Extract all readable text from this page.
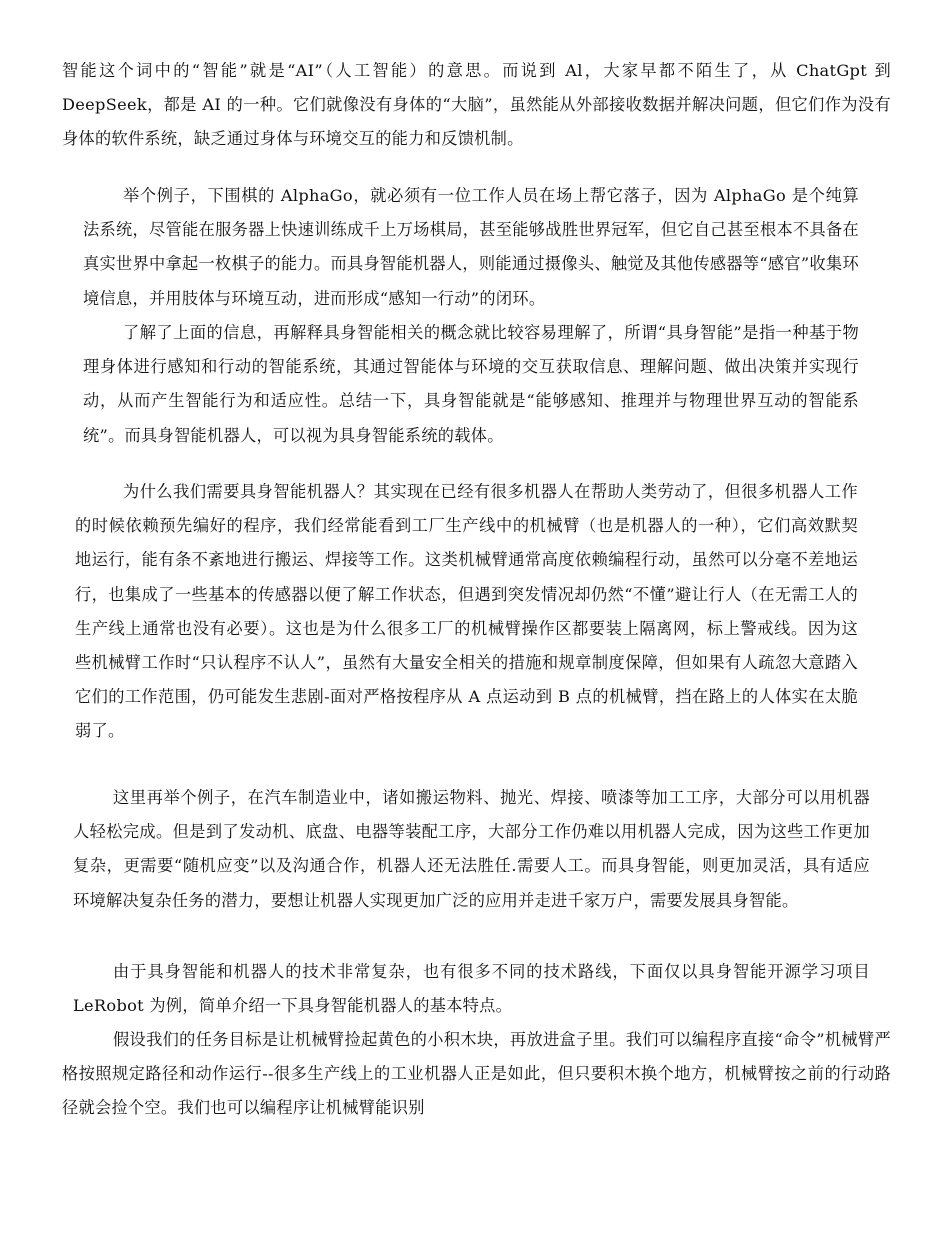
智能这个词中的“智能”就是“AI”（人工智能）的意思。而说到 Al，大家早都不陌生了，从 ChatGpt 到 DeepSeek，都是 AI 的一种。它们就像没有身体的“大脑”，虽然能从外部接收数据并解决问题，但它们作为没有身体的软件系统，缺乏通过身体与环境交互的能力和反馈机制。

举个例子，下围棋的 AlphaGo，就必须有一位工作人员在场上帮它落子，因为 AlphaGo 是个纯算法系统，尽管能在服务器上快速训练成千上万场棋局，甚至能够战胜世界冠军，但它自己甚至根本不具备在真实世界中拿起一枚棋子的能力。而具身智能机器人，则能通过摄像头、触觉及其他传感器等“感官”收集环境信息，并用肢体与环境互动，进而形成“感知一行动”的闭环。

了解了上面的信息，再解释具身智能相关的概念就比较容易理解了，所谓“具身智能”是指一种基于物理身体进行感知和行动的智能系统，其通过智能体与环境的交互获取信息、理解问题、做出决策并实现行动，从而产生智能行为和适应性。总结一下，具身智能就是“能够感知、推理并与物理世界互动的智能系统”。而具身智能机器人，可以视为具身智能系统的载体。

为什么我们需要具身智能机器人？其实现在已经有很多机器人在帮助人类劳动了，但很多机器人工作的时候依赖预先编好的程序，我们经常能看到工厂生产线中的机械臂（也是机器人的一种），它们高效默契地运行，能有条不紊地进行搬运、焊接等工作。这类机械臂通常高度依赖编程行动，虽然可以分毫不差地运行，也集成了一些基本的传感器以便了解工作状态，但遇到突发情况却仍然“不懂”避让行人（在无需工人的生产线上通常也没有必要）。这也是为什么很多工厂的机械臂操作区都要装上隔离网，标上警戒线。因为这些机械臂工作时“只认程序不认人”，虽然有大量安全相关的措施和规章制度保障，但如果有人疏忽大意踏入它们的工作范围，仍可能发生悲剧-面对严格按程序从 A 点运动到 B 点的机械臂，挡在路上的人体实在太脆弱了。

这里再举个例子，在汽车制造业中，诸如搬运物料、抛光、焊接、喷漆等加工工序，大部分可以用机器人轻松完成。但是到了发动机、底盘、电器等装配工序，大部分工作仍难以用机器人完成，因为这些工作更加复杂，更需要“随机应变”以及沟通合作，机器人还无法胜任.需要人工。而具身智能，则更加灵活，具有适应环境解决复杂任务的潜力，要想让机器人实现更加广泛的应用并走进千家万户，需要发展具身智能。

由于具身智能和机器人的技术非常复杂，也有很多不同的技术路线，下面仅以具身智能开源学习项目 LeRobot 为例，简单介绍一下具身智能机器人的基本特点。

假设我们的任务目标是让机械臂捡起黄色的小积木块，再放进盒子里。我们可以编程序直接“命令”机械臂严格按照规定路径和动作运行--很多生产线上的工业机器人正是如此，但只要积木换个地方，机械臂按之前的行动路径就会捡个空。我们也可以编程序让机械臂能识别
